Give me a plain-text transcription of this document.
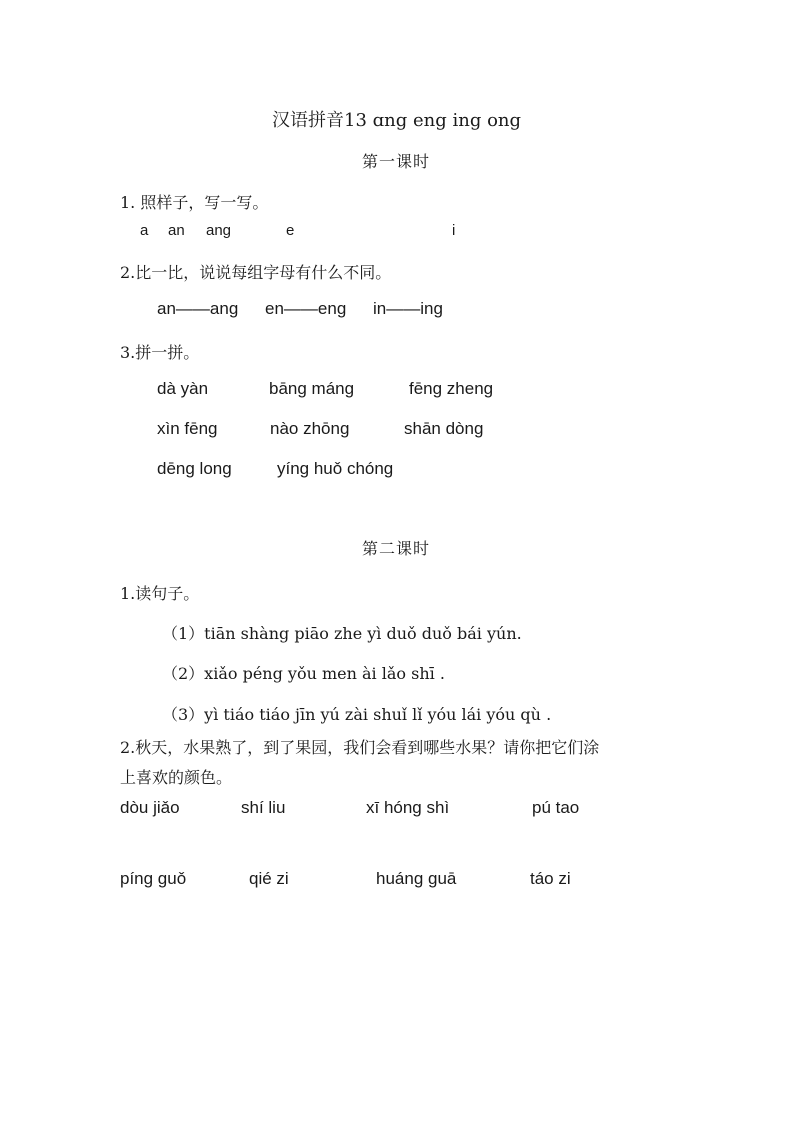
汉语拼音13 ɑng eng ing ong
第一课时
1. 照样子，写一写。
a an ang	e	i
2.比一比，说说每组字母有什么不同。
an——ang en——eng in——ing
3.拼一拼。
dà yàn	bāng máng	fēng zheng
xìn fēng	nào zhōng	shān dòng
dēng long	yíng huǒ chóng
第二课时
1.读句子。
（1）tiān shàng piāo zhe yì duǒ duǒ bái yún.
（2）xiǎo péng yǒu men ài lǎo shī .
（3）yì tiáo tiáo jīn yú zài shuǐ lǐ yóu lái yóu qù .
2.秋天，水果熟了，到了果园，我们会看到哪些水果？请你把它们涂
上喜欢的颜色。
dòu jiǎo	shí liu	xī hóng shì	pú tao
píng guǒ	qié zi	huáng guā	táo zi
